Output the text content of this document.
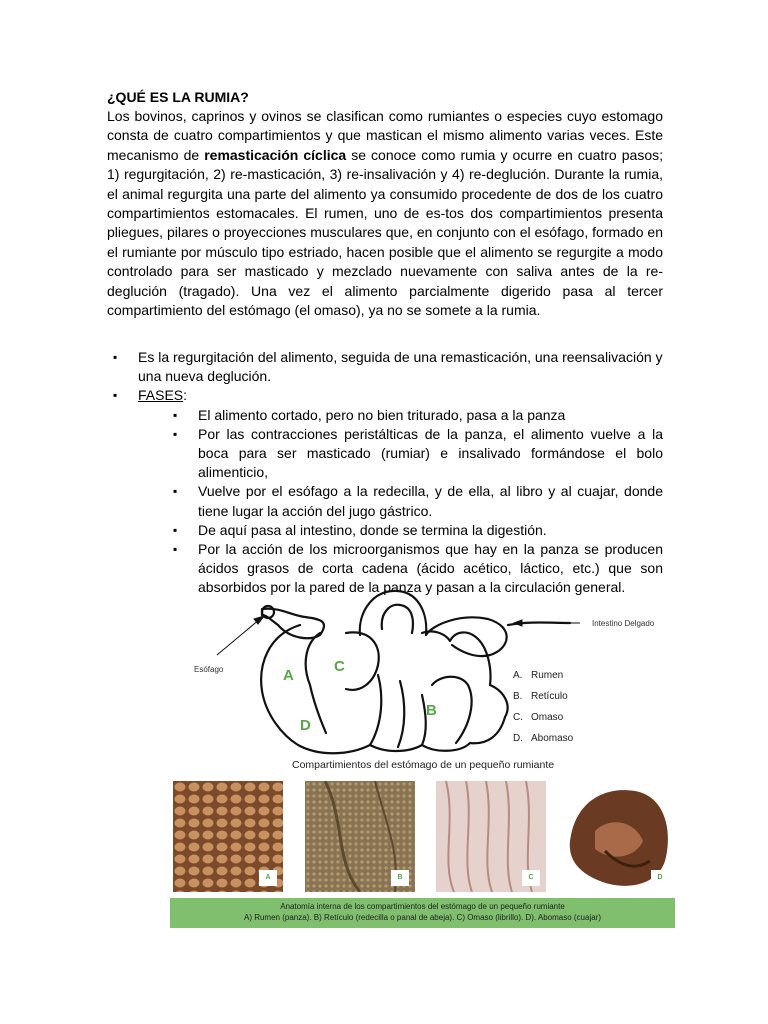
¿QUÉ ES LA RUMIA?

Los bovinos, caprinos y ovinos se clasifican como rumiantes o especies cuyo estomago consta de cuatro compartimientos y que mastican el mismo alimento varias veces. Este mecanismo de remasticación cíclica se conoce como rumia y ocurre en cuatro pasos; 1) regurgitación, 2) re-masticación, 3) re-insalivación y 4) re-deglución. Durante la rumia, el animal regurgita una parte del alimento ya consumido procedente de dos de los cuatro compartimientos estomacales. El rumen, uno de es-tos dos compartimientos presenta pliegues, pilares o proyecciones musculares que, en conjunto con el esófago, formado en el rumiante por músculo tipo estriado, hacen posible que el alimento se regurgite a modo controlado para ser masticado y mezclado nuevamente con saliva antes de la re-deglución (tragado). Una vez el alimento parcialmente digerido pasa al tercer compartimiento del estómago (el omaso), ya no se somete a la rumia.

▪ Es la regurgitación del alimento, seguida de una remasticación, una reensalivación y una nueva deglución.
▪ FASES:
▪ El alimento cortado, pero no bien triturado, pasa a la panza
▪ Por las contracciones peristálticas de la panza, el alimento vuelve a la boca para ser masticado (rumiar) e insalivado formándose el bolo alimenticio,
▪ Vuelve por el esófago a la redecilla, y de ella, al libro y al cuajar, donde tiene lugar la acción del jugo gástrico.
▪ De aquí pasa al intestino, donde se termina la digestión.
▪ Por la acción de los microorganismos que hay en la panza se producen ácidos grasos de corta cadena (ácido acético, láctico, etc.) que son absorbidos por la pared de la panza y pasan a la circulación general.
A
C
D
B
Esófago
Intestino Delgado
A. Rumen
B. Retículo
C. Omaso
D. Abomaso
Compartimientos del estómago de un pequeño rumiante
A	B	C	D
Anatomía interna de los compartimientos del estómago de un pequeño rumiante
A) Rumen (panza). B) Retículo (redecilla o panal de abeja). C) Omaso (librillo). D). Abomaso (cuajar)
